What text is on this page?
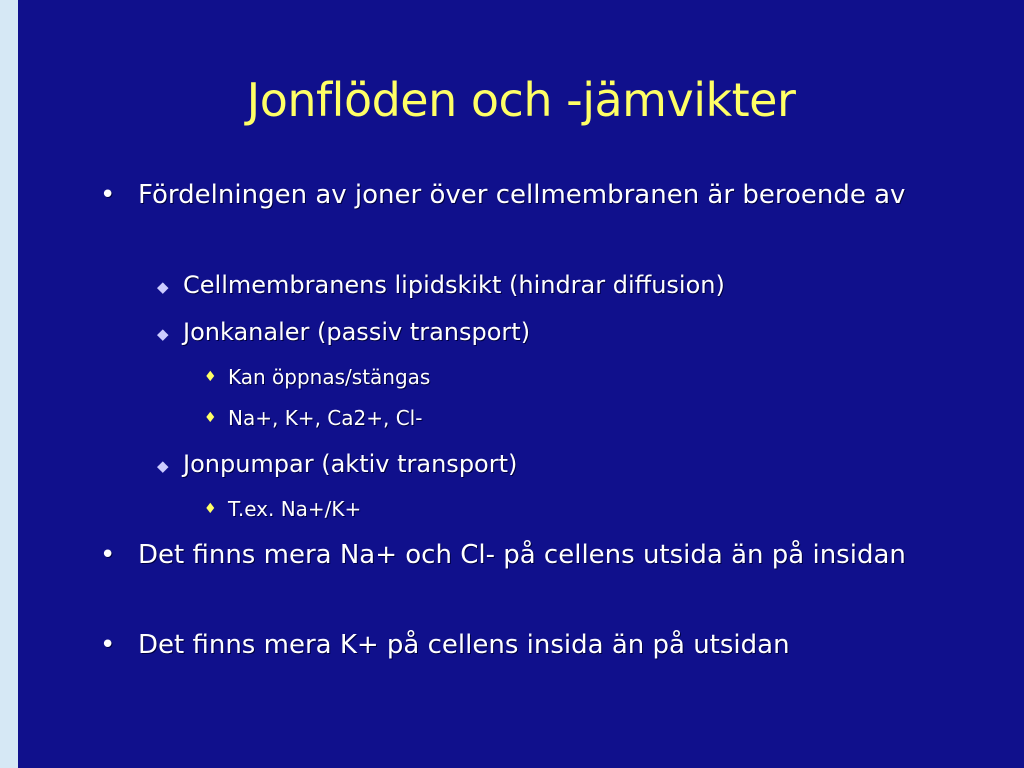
Jonflöden och -jämvikter
• Fördelningen av joner över cellmembranen är beroende av
◆ Cellmembranens lipidskikt (hindrar diffusion)
◆ Jonkanaler (passiv transport)
♦ Kan öppnas/stängas
♦ Na+, K+, Ca2+, Cl-
◆ Jonpumpar (aktiv transport)
♦ T.ex. Na+/K+
• Det finns mera Na+ och Cl- på cellens utsida än på insidan
• Det finns mera K+ på cellens insida än på utsidan
